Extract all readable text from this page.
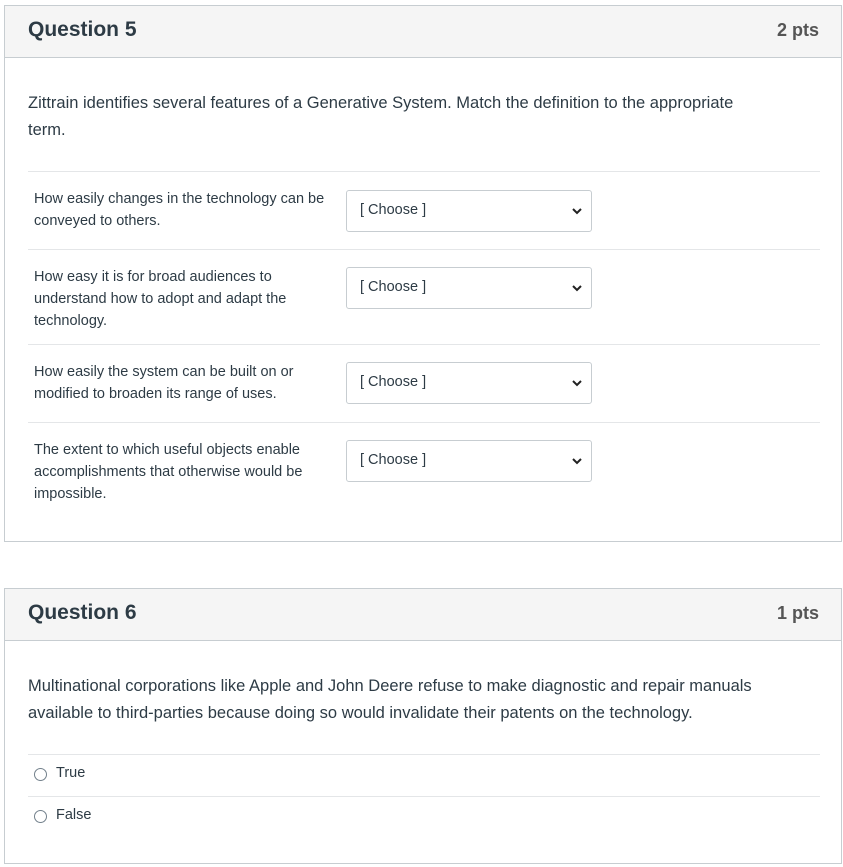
Question 5	2 pts
Zittrain identifies several features of a Generative System. Match the definition to the appropriate
term.
How easily changes in the technology can be
conveyed to others.
[ Choose ]
How easy it is for broad audiences to
understand how to adopt and adapt the
technology.
[ Choose ]
How easily the system can be built on or
modified to broaden its range of uses.
[ Choose ]
The extent to which useful objects enable
accomplishments that otherwise would be
impossible.
[ Choose ]
Question 6	1 pts
Multinational corporations like Apple and John Deere refuse to make diagnostic and repair manuals
available to third-parties because doing so would invalidate their patents on the technology.
True
False
